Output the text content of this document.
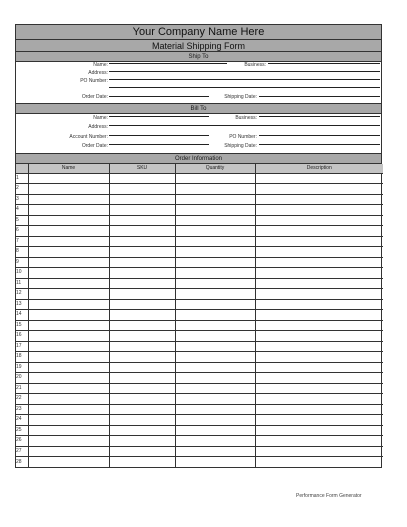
Your Company Name Here
Material Shipping Form
Ship To
Name:	Business:
Address:
PO Number:
Order Date:	Shipping Date:
Bill To
Name:	Business:
Address:
Account Number:	PO Number:
Order Date:	Shipping Date:
Order Information
	Name	SKU	Quantity	Description
1				
2				
3				
4				
5				
6				
7				
8				
9				
10				
11				
12				
13				
14				
15				
16				
17				
18				
19				
20				
21				
22				
23				
24				
25				
26				
27				
28				
Performance Form Generator
